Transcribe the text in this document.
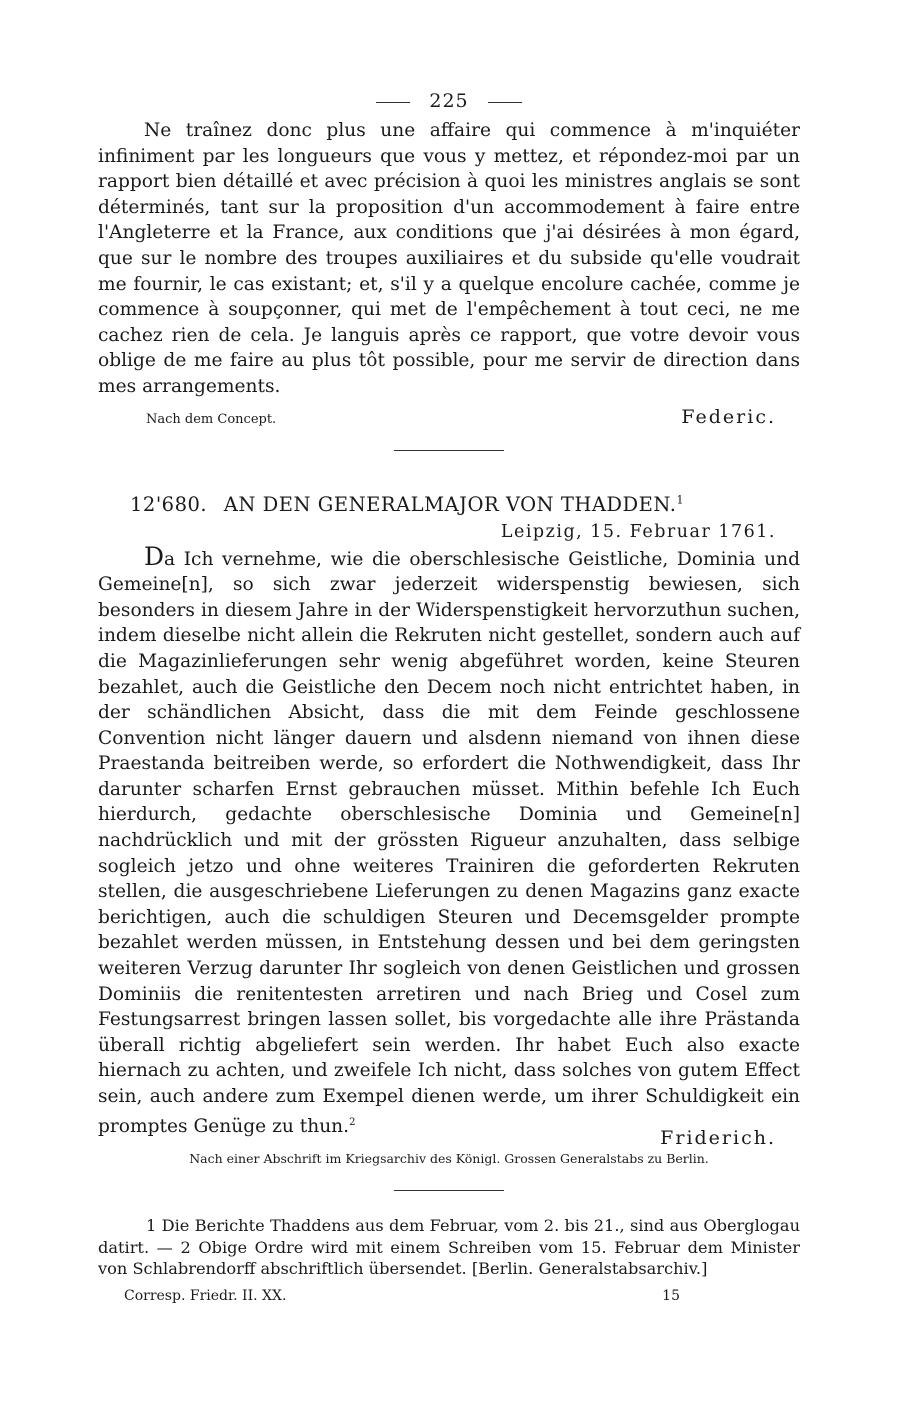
225

Ne traînez donc plus une affaire qui commence à m'inquiéter infiniment par les longueurs que vous y mettez, et répondez-moi par un rapport bien détaillé et avec précision à quoi les ministres anglais se sont déterminés, tant sur la proposition d'un accommodement à faire entre l'Angleterre et la France, aux conditions que j'ai désirées à mon égard, que sur le nombre des troupes auxiliaires et du subside qu'elle voudrait me fournir, le cas existant; et, s'il y a quelque encolure cachée, comme je commence à soupçonner, qui met de l'empêchement à tout ceci, ne me cachez rien de cela. Je languis après ce rapport, que votre devoir vous oblige de me faire au plus tôt possible, pour me servir de direction dans mes arrangements.

Nach dem Concept.	Federic.
12'680. AN DEN GENERALMAJOR VON THADDEN.$^1$
Leipzig, 15. Februar 1761.

Da Ich vernehme, wie die oberschlesische Geistliche, Dominia und Gemeine[n], so sich zwar jederzeit widerspenstig bewiesen, sich besonders in diesem Jahre in der Widerspenstigkeit hervorzuthun suchen, indem dieselbe nicht allein die Rekruten nicht gestellet, sondern auch auf die Magazinlieferungen sehr wenig abgeführet worden, keine Steuren bezahlet, auch die Geistliche den Decem noch nicht entrichtet haben, in der schändlichen Absicht, dass die mit dem Feinde geschlossene Convention nicht länger dauern und alsdenn niemand von ihnen diese Praestanda beitreiben werde, so erfordert die Nothwendigkeit, dass Ihr darunter scharfen Ernst gebrauchen müsset. Mithin befehle Ich Euch hierdurch, gedachte oberschlesische Dominia und Gemeine[n] nachdrücklich und mit der grössten Rigueur anzuhalten, dass selbige sogleich jetzo und ohne weiteres Trainiren die geforderten Rekruten stellen, die ausgeschriebene Lieferungen zu denen Magazins ganz exacte berichtigen, auch die schuldigen Steuren und Decemsgelder prompte bezahlet werden müssen, in Entstehung dessen und bei dem geringsten weiteren Verzug darunter Ihr sogleich von denen Geistlichen und grossen Dominiis die renitentesten arretiren und nach Brieg und Cosel zum Festungsarrest bringen lassen sollet, bis vorgedachte alle ihre Prästanda überall richtig abgeliefert sein werden. Ihr habet Euch also exacte hiernach zu achten, und zweifele Ich nicht, dass solches von gutem Effect sein, auch andere zum Exempel dienen werde, um ihrer Schuldigkeit ein promptes Genüge zu thun.$^2$

Friderich.
Nach einer Abschrift im Kriegsarchiv des Königl. Grossen Generalstabs zu Berlin.

1 Die Berichte Thaddens aus dem Februar, vom 2. bis 21., sind aus Oberglogau datirt. — 2 Obige Ordre wird mit einem Schreiben vom 15. Februar dem Minister von Schlabrendorff abschriftlich übersendet. [Berlin. Generalstabsarchiv.]

Corresp. Friedr. II. XX.	15
